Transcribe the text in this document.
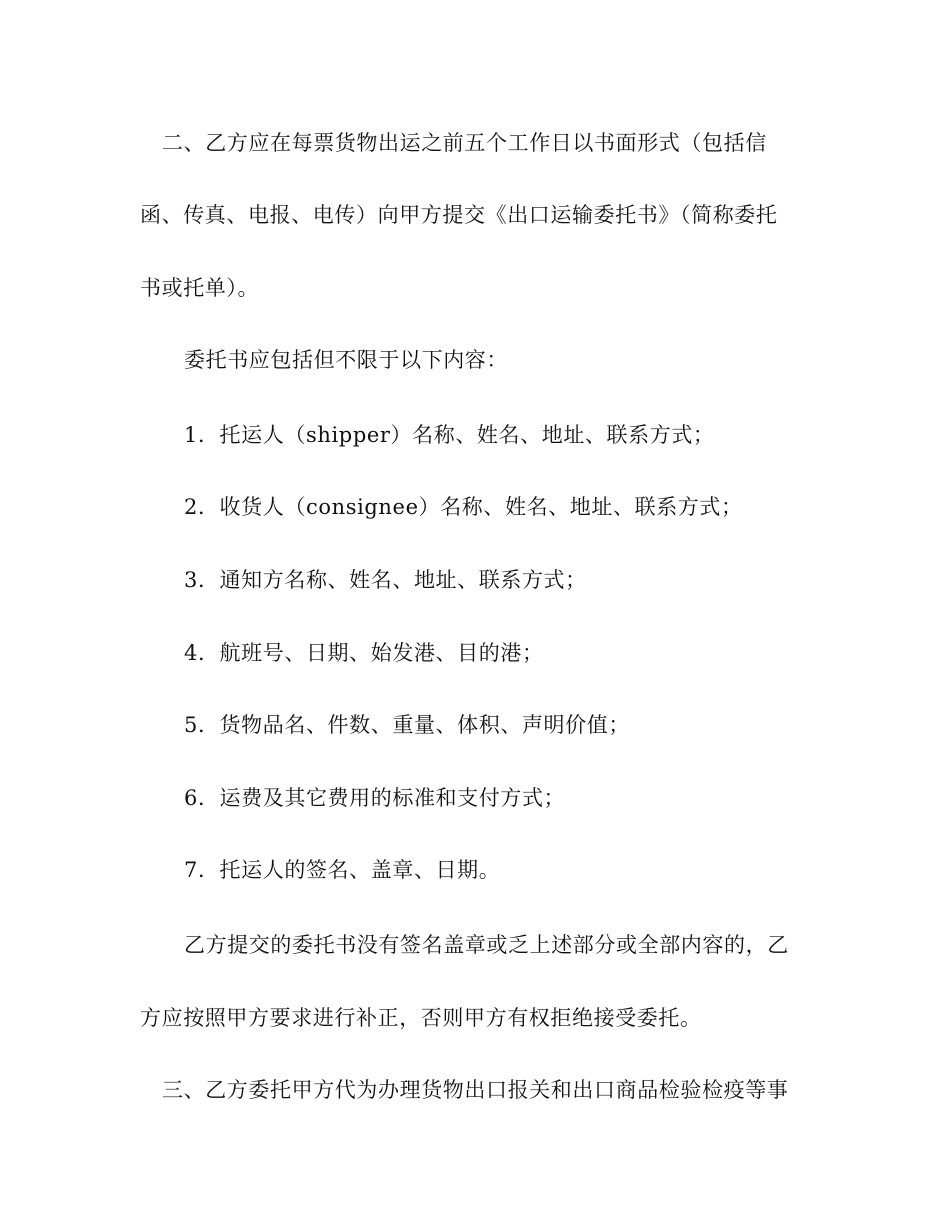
二、乙方应在每票货物出运之前五个工作日以书面形式（包括信
函、传真、电报、电传）向甲方提交《出口运输委托书》（简称委托
书或托单）。
委托书应包括但不限于以下内容：
1．托运人（shipper）名称、姓名、地址、联系方式；
2．收货人（consignee）名称、姓名、地址、联系方式；
3．通知方名称、姓名、地址、联系方式；
4．航班号、日期、始发港、目的港；
5．货物品名、件数、重量、体积、声明价值；
6．运费及其它费用的标准和支付方式；
7．托运人的签名、盖章、日期。
乙方提交的委托书没有签名盖章或乏上述部分或全部内容的，乙
方应按照甲方要求进行补正，否则甲方有权拒绝接受委托。
三、乙方委托甲方代为办理货物出口报关和出口商品检验检疫等事
